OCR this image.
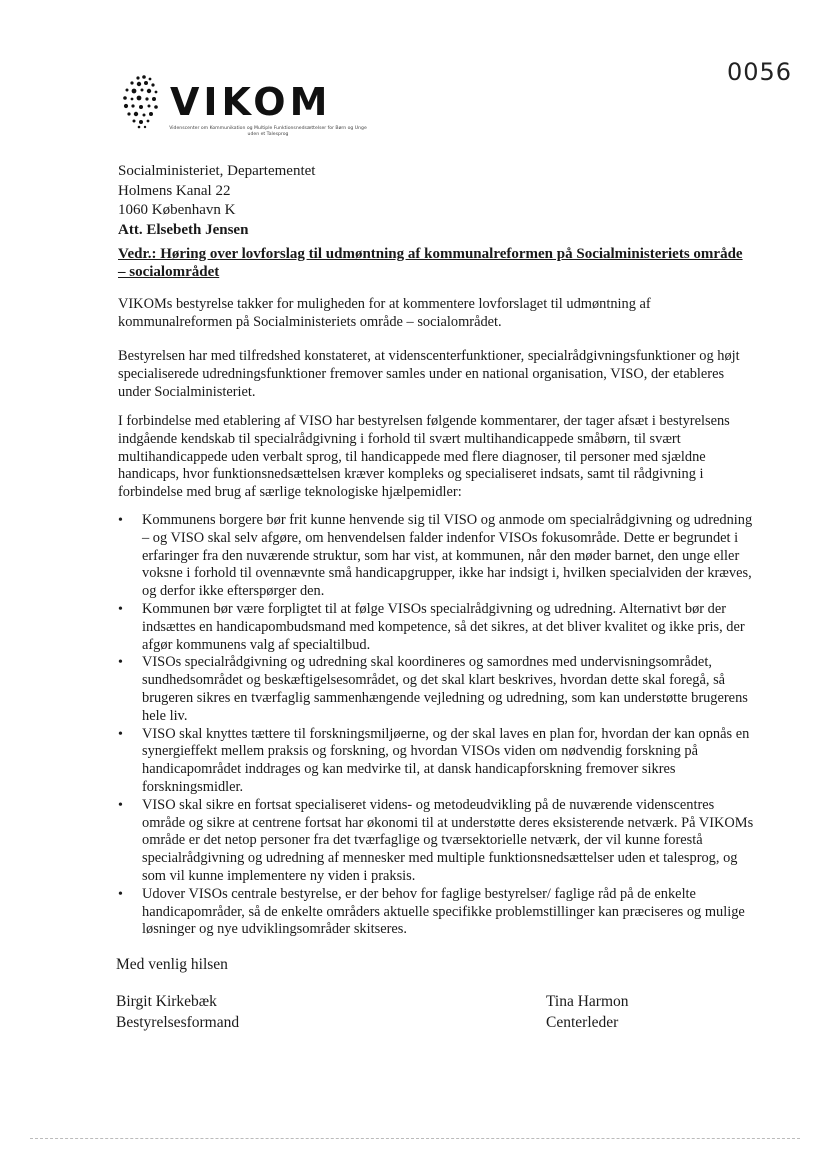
0056
VIKOM
Videnscenter om Kommunikation og Multiple Funktionsnedsættelser for Børn og Unge uden et Talesprog
Socialministeriet, Departementet
Holmens Kanal 22
1060 København K
Att. Elsebeth Jensen
Vedr.: Høring over lovforslag til udmøntning af kommunalreformen på Socialministeriets område – socialområdet

VIKOMs bestyrelse takker for muligheden for at kommentere lovforslaget til udmøntning af kommunalreformen på Socialministeriets område – socialområdet.

Bestyrelsen har med tilfredshed konstateret, at videnscenterfunktioner, specialrådgivningsfunktioner og højt specialiserede udredningsfunktioner fremover samles under en national organisation, VISO, der etableres under Socialministeriet.

I forbindelse med etablering af VISO har bestyrelsen følgende kommentarer, der tager afsæt i bestyrelsens indgående kendskab til specialrådgivning i forhold til svært multihandicappede småbørn, til svært multihandicappede uden verbalt sprog, til handicappede med flere diagnoser, til personer med sjældne handicaps, hvor funktionsnedsættelsen kræver kompleks og specialiseret indsats, samt til rådgivning i forbindelse med brug af særlige teknologiske hjælpemidler:

• Kommunens borgere bør frit kunne henvende sig til VISO og anmode om specialrådgivning og udredning – og VISO skal selv afgøre, om henvendelsen falder indenfor VISOs fokusområde. Dette er begrundet i erfaringer fra den nuværende struktur, som har vist, at kommunen, når den møder barnet, den unge eller voksne i forhold til ovennævnte små handicapgrupper, ikke har indsigt i, hvilken specialviden der kræves, og derfor ikke efterspørger den.
• Kommunen bør være forpligtet til at følge VISOs specialrådgivning og udredning. Alternativt bør der indsættes en handicapombudsmand med kompetence, så det sikres, at det bliver kvalitet og ikke pris, der afgør kommunens valg af specialtilbud.
• VISOs specialrådgivning og udredning skal koordineres og samordnes med undervisningsområdet, sundhedsområdet og beskæftigelsesområdet, og det skal klart beskrives, hvordan dette skal foregå, så brugeren sikres en tværfaglig sammenhængende vejledning og udredning, som kan understøtte brugerens hele liv.
• VISO skal knyttes tættere til forskningsmiljøerne, og der skal laves en plan for, hvordan der kan opnås en synergieffekt mellem praksis og forskning, og hvordan VISOs viden om nødvendig forskning på handicapområdet inddrages og kan medvirke til, at dansk handicapforskning fremover sikres forskningsmidler.
• VISO skal sikre en fortsat specialiseret videns- og metodeudvikling på de nuværende videnscentres område og sikre at centrene fortsat har økonomi til at understøtte deres eksisterende netværk. På VIKOMs område er det netop personer fra det tværfaglige og tværsektorielle netværk, der vil kunne forestå specialrådgivning og udredning af mennesker med multiple funktionsnedsættelser uden et talesprog, og som vil kunne implementere ny viden i praksis.
• Udover VISOs centrale bestyrelse, er der behov for faglige bestyrelser/ faglige råd på de enkelte handicapområder, så de enkelte områders aktuelle specifikke problemstillinger kan præciseres og mulige løsninger og nye udviklingsområder skitseres.
Med venlig hilsen
Birgit Kirkebæk
Bestyrelsesformand
Tina Harmon
Centerleder
